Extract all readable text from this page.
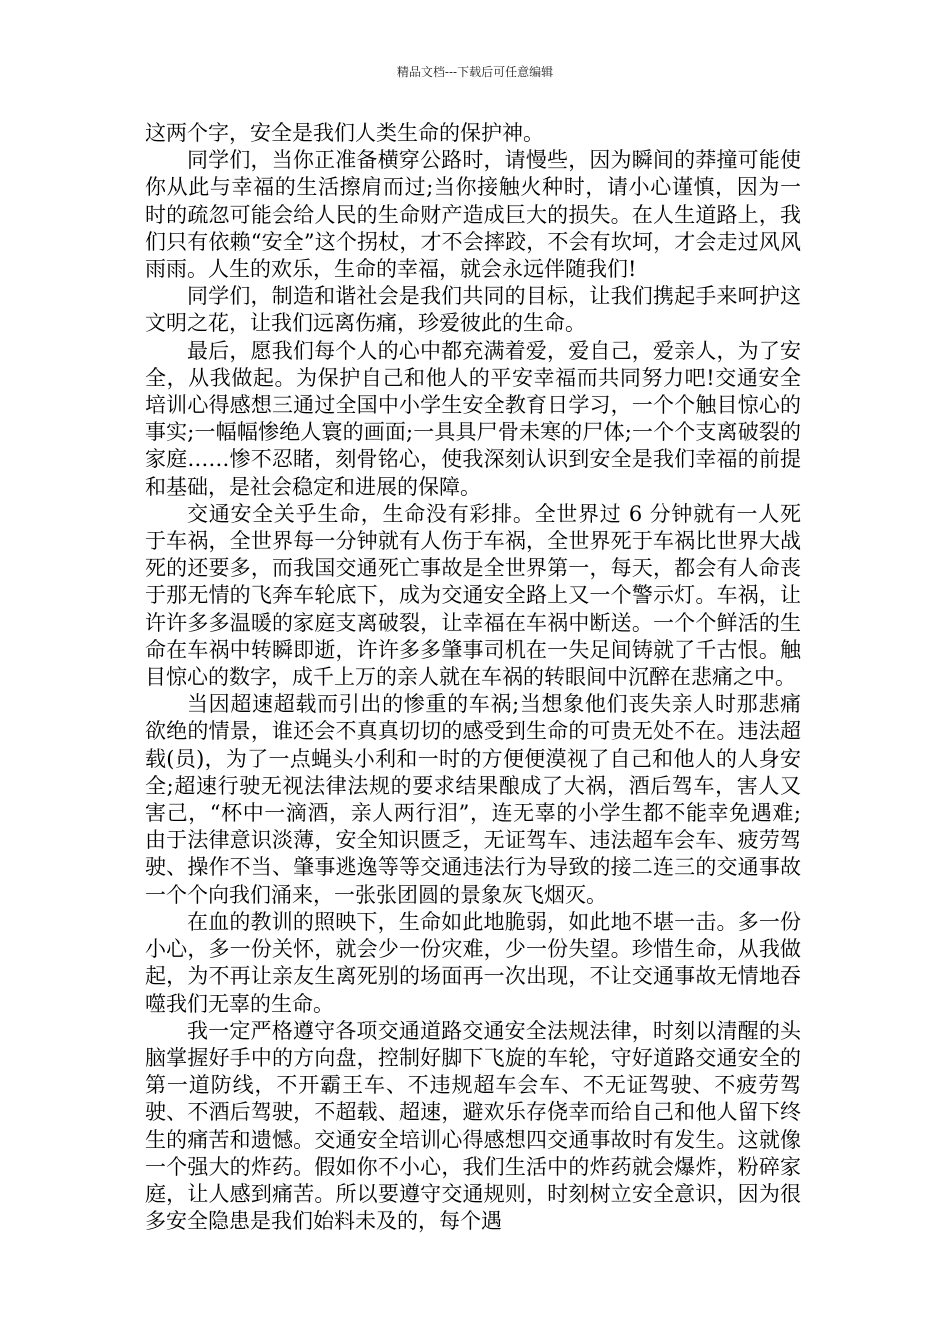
精品文档---下载后可任意编辑

这两个字，安全是我们人类生命的保护神。

同学们，当你正准备横穿公路时，请慢些，因为瞬间的莽撞可能使你从此与幸福的生活擦肩而过;当你接触火种时，请小心谨慎，因为一时的疏忽可能会给人民的生命财产造成巨大的损失。在人生道路上，我们只有依赖“安全”这个拐杖，才不会摔跤，不会有坎坷，才会走过风风雨雨。人生的欢乐，生命的幸福，就会永远伴随我们!

同学们，制造和谐社会是我们共同的目标，让我们携起手来呵护这文明之花，让我们远离伤痛，珍爱彼此的生命。

最后，愿我们每个人的心中都充满着爱，爱自己，爱亲人，为了安全，从我做起。为保护自己和他人的平安幸福而共同努力吧!交通安全培训心得感想三通过全国中小学生安全教育日学习，一个个触目惊心的事实;一幅幅惨绝人寰的画面;一具具尸骨未寒的尸体;一个个支离破裂的家庭……惨不忍睹，刻骨铭心，使我深刻认识到安全是我们幸福的前提和基础，是社会稳定和进展的保障。

交通安全关乎生命，生命没有彩排。全世界过 6 分钟就有一人死于车祸，全世界每一分钟就有人伤于车祸，全世界死于车祸比世界大战死的还要多，而我国交通死亡事故是全世界第一，每天，都会有人命丧于那无情的飞奔车轮底下，成为交通安全路上又一个警示灯。车祸，让许许多多温暖的家庭支离破裂，让幸福在车祸中断送。一个个鲜活的生命在车祸中转瞬即逝，许许多多肇事司机在一失足间铸就了千古恨。触目惊心的数字，成千上万的亲人就在车祸的转眼间中沉醉在悲痛之中。

当因超速超载而引出的惨重的车祸;当想象他们丧失亲人时那悲痛欲绝的情景，谁还会不真真切切的感受到生命的可贵无处不在。违法超载(员)，为了一点蝇头小利和一时的方便便漠视了自己和他人的人身安全;超速行驶无视法律法规的要求结果酿成了大祸，酒后驾车，害人又害己，“杯中一滴酒，亲人两行泪”，连无辜的小学生都不能幸免遇难;由于法律意识淡薄，安全知识匮乏，无证驾车、违法超车会车、疲劳驾驶、操作不当、肇事逃逸等等交通违法行为导致的接二连三的交通事故一个个向我们涌来，一张张团圆的景象灰飞烟灭。

在血的教训的照映下，生命如此地脆弱，如此地不堪一击。多一份小心，多一份关怀，就会少一份灾难，少一份失望。珍惜生命，从我做起，为不再让亲友生离死别的场面再一次出现，不让交通事故无情地吞噬我们无辜的生命。

我一定严格遵守各项交通道路交通安全法规法律，时刻以清醒的头脑掌握好手中的方向盘，控制好脚下飞旋的车轮，守好道路交通安全的第一道防线，不开霸王车、不违规超车会车、不无证驾驶、不疲劳驾驶、不酒后驾驶，不超载、超速，避欢乐存侥幸而给自己和他人留下终生的痛苦和遗憾。交通安全培训心得感想四交通事故时有发生。这就像一个强大的炸药。假如你不小心，我们生活中的炸药就会爆炸，粉碎家庭，让人感到痛苦。所以要遵守交通规则，时刻树立安全意识，因为很多安全隐患是我们始料未及的，每个遇
